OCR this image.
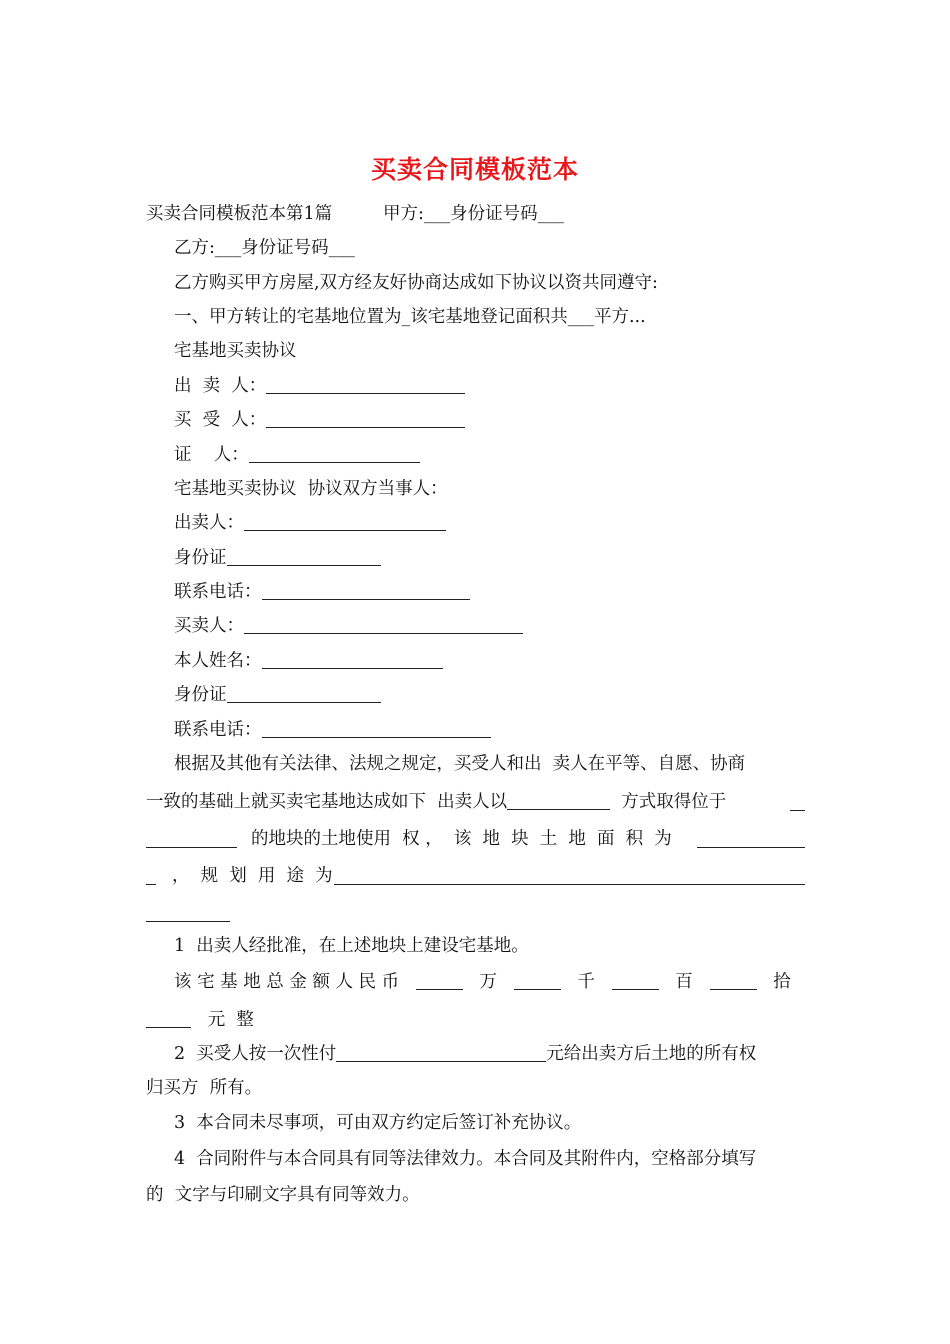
买卖合同模板范本
买卖合同模板范本第1篇	甲方:___身份证号码___
乙方:___身份证号码___
乙方购买甲方房屋,双方经友好协商达成如下协议以资共同遵守:
一、甲方转让的宅基地位置为_该宅基地登记面积共___平方...
宅基地买卖协议
出  卖  人：
买  受  人：
证    人：
宅基地买卖协议  协议双方当事人：
出卖人：
身份证
联系电话：
买卖人：
本人姓名：
身份证
联系电话：
根据及其他有关法律、法规之规定，买受人和出  卖人在平等、自愿、协商
一致的基础上就买卖宅基地达成如下  出卖人以	方式取得位于
的地块的土地使用  权 ，  该  地  块  土  地  面  积  为
，  规  划  用  途  为
1  出卖人经批准，在上述地块上建设宅基地。
该 宅 基 地 总 金 额 人 民 币	万	千	百	拾
元  整
2  买受人按一次性付	元给出卖方后土地的所有权
归买方  所有。
3  本合同未尽事项，可由双方约定后签订补充协议。
4  合同附件与本合同具有同等法律效力。本合同及其附件内，空格部分填写
的  文字与印刷文字具有同等效力。
